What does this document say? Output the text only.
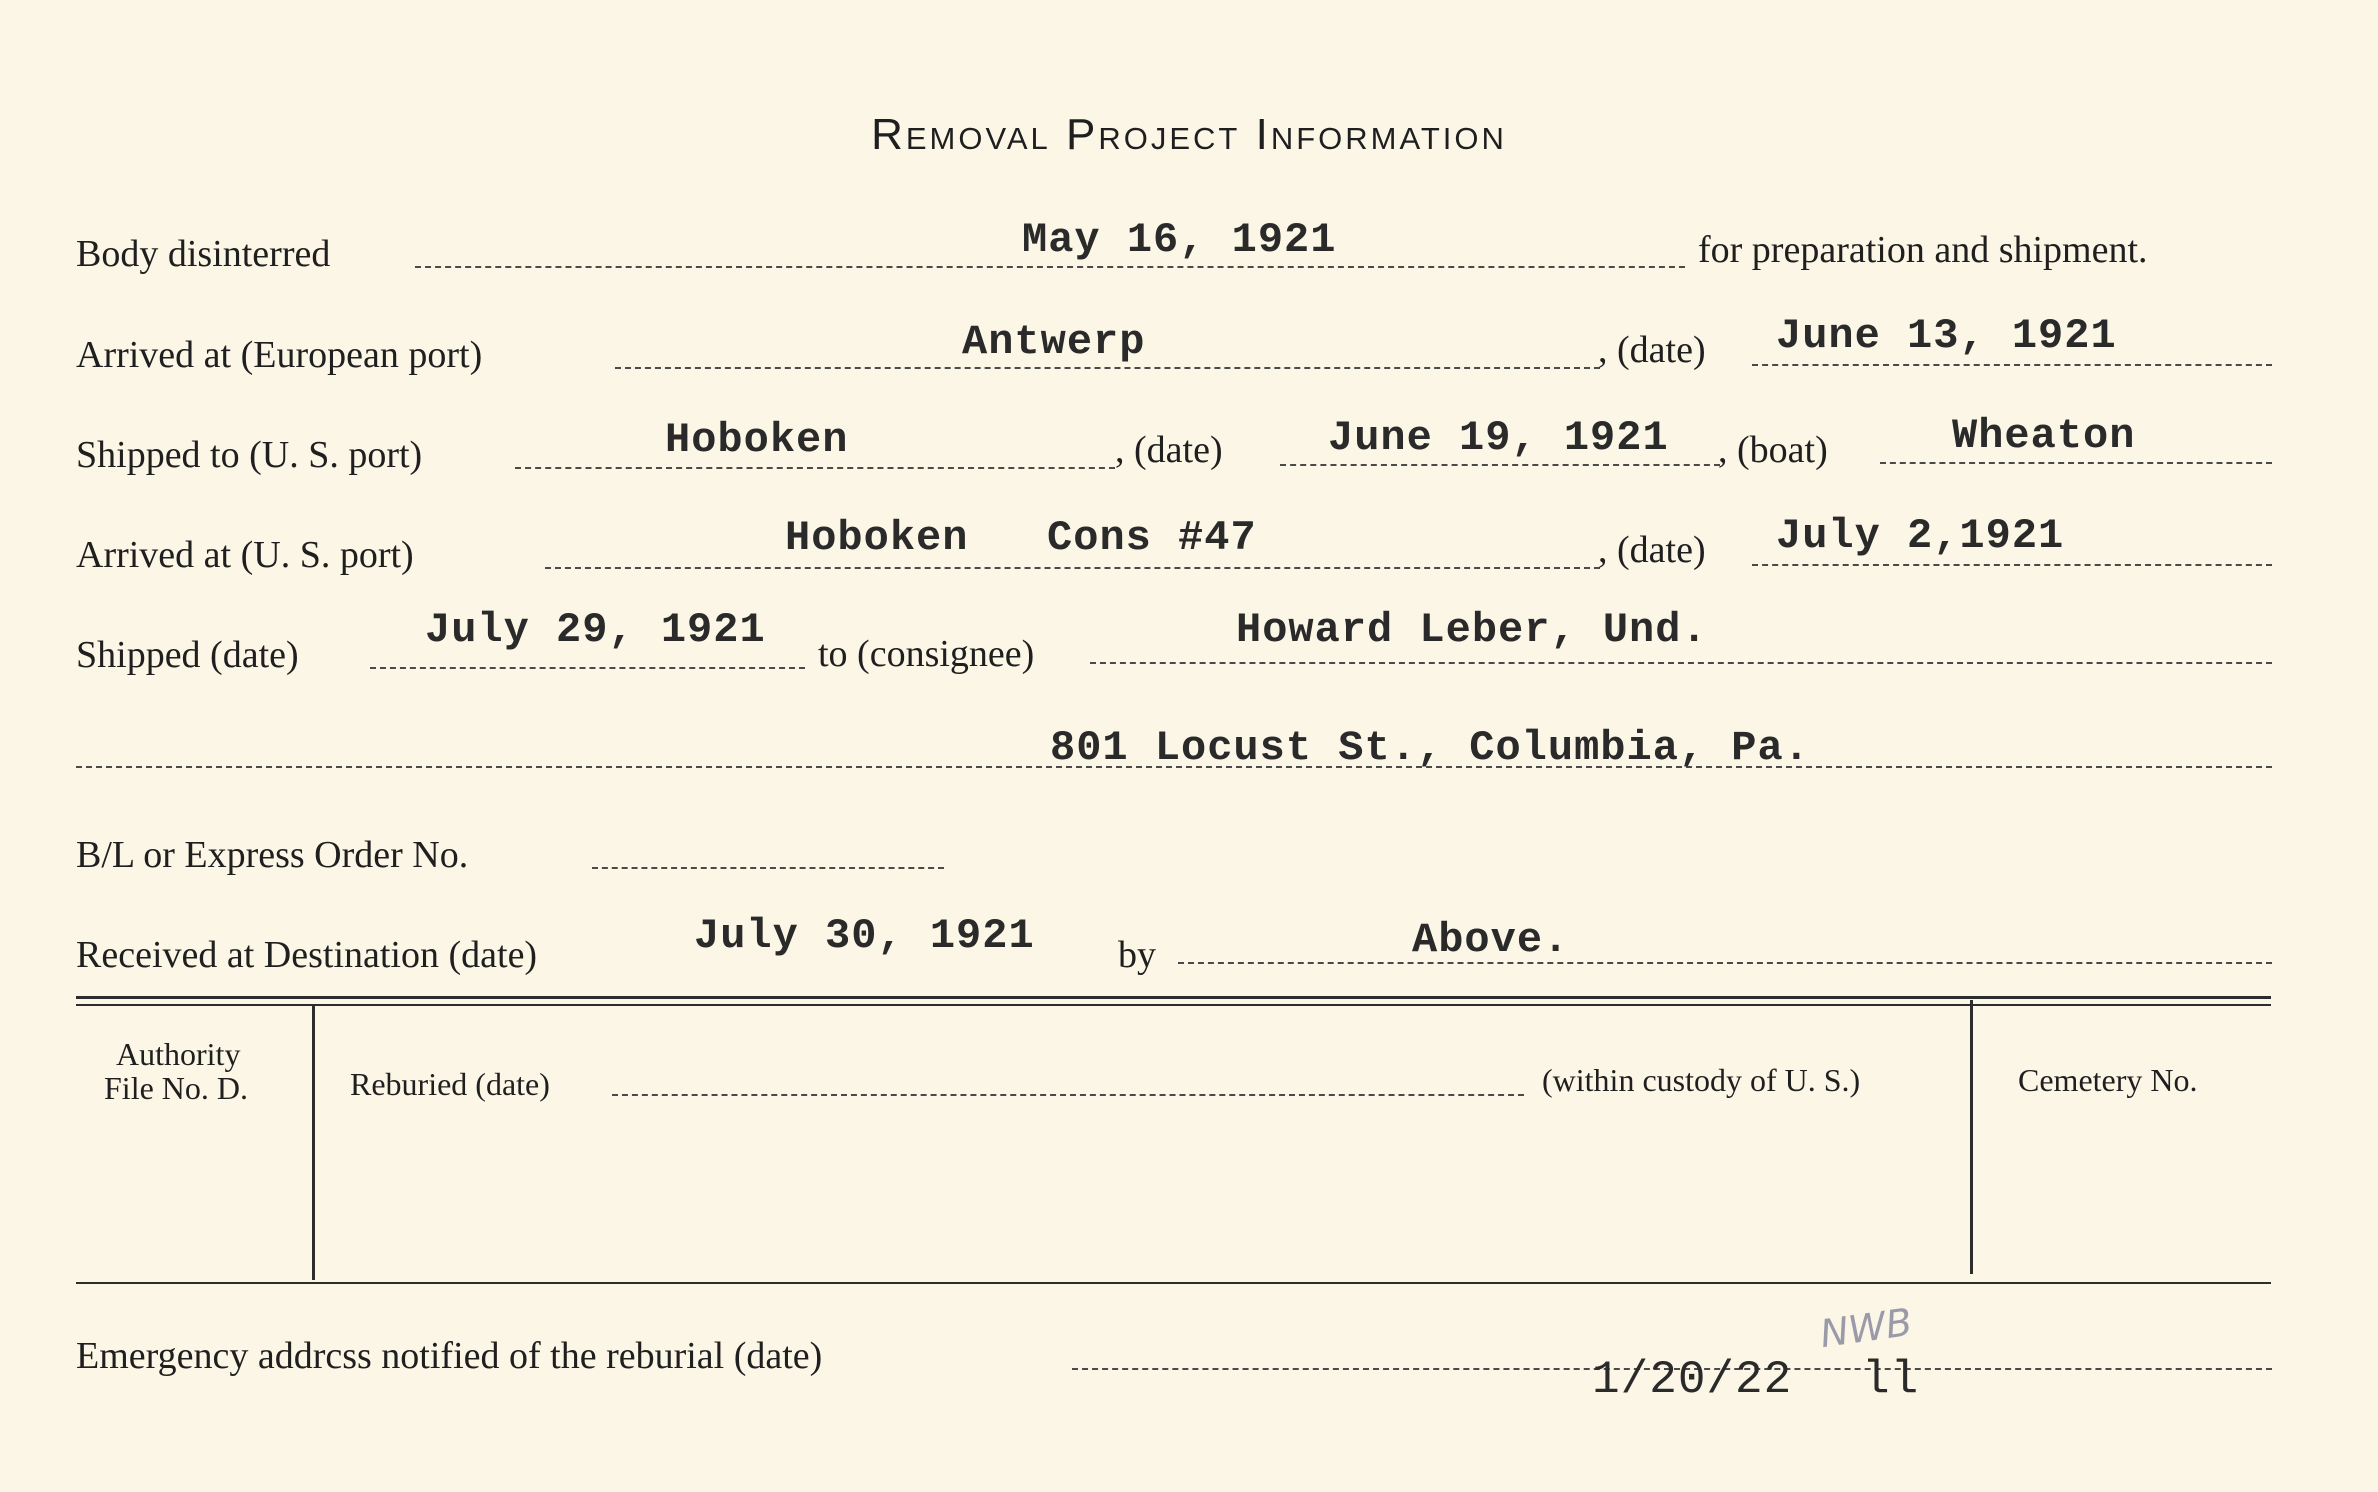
Removal Project Information
Body disinterred	May 16, 1921	for preparation and shipment.
Arrived at (European port)	Antwerp	, (date) June 13, 1921
Shipped to (U. S. port)	Hoboken	, (date)	June 19, 1921 , (boat)	Wheaton
Arrived at (U. S. port)	Hoboken   Cons #47	, (date) July 2,1921
Shipped (date)
July 29, 1921 to (consignee)	Howard Leber, Und.
801 Locust St., Columbia, Pa.
B/L or Express Order No.
Received at Destination (date)	July 30, 1921 by	Above.
Authority
File No. D.	Reburied (date)	(within custody of U. S.)	Cemetery No.
Emergency addrcss notified of the reburial (date)	1/20/22 ll
NWB
